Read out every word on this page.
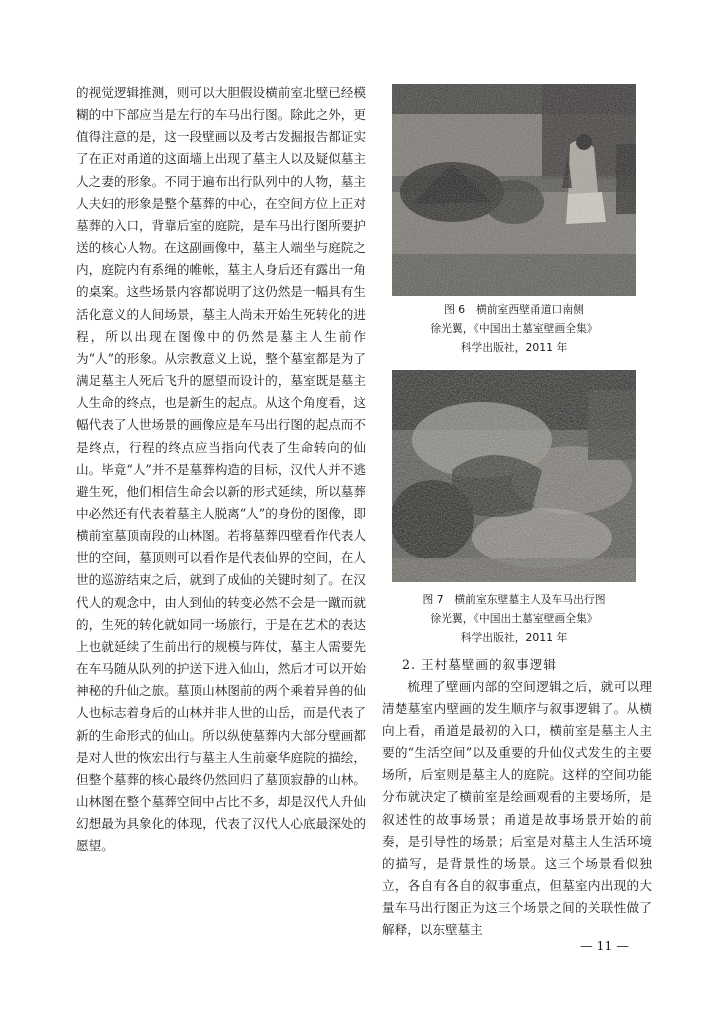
的视觉逻辑推测，则可以大胆假设横前室北壁已经模糊的中下部应当是左行的车马出行图。除此之外，更值得注意的是，这一段壁画以及考古发掘报告都证实了在正对甬道的这面墙上出现了墓主人以及疑似墓主人之妻的形象。不同于遍布出行队列中的人物，墓主人夫妇的形象是整个墓葬的中心，在空间方位上正对墓葬的入口，背靠后室的庭院，是车马出行图所要护送的核心人物。在这副画像中，墓主人端坐与庭院之内，庭院内有系绳的帷帐，墓主人身后还有露出一角的桌案。这些场景内容都说明了这仍然是一幅具有生活化意义的人间场景，墓主人尚未开始生死转化的进程，所以出现在图像中的仍然是墓主人生前作为“人”的形象。从宗教意义上说，整个墓室都是为了满足墓主人死后飞升的愿望而设计的，墓室既是墓主人生命的终点，也是新生的起点。从这个角度看，这幅代表了人世场景的画像应是车马出行图的起点而不是终点，行程的终点应当指向代表了生命转向的仙山。毕竟“人”并不是墓葬构造的目标，汉代人并不逃避生死，他们相信生命会以新的形式延续，所以墓葬中必然还有代表着墓主人脱离“人”的身份的图像，即横前室墓顶南段的山林图。若将墓葬四壁看作代表人世的空间，墓顶则可以看作是代表仙界的空间，在人世的巡游结束之后，就到了成仙的关键时刻了。在汉代人的观念中，由人到仙的转变必然不会是一蹴而就的，生死的转化就如同一场旅行，于是在艺术的表达上也就延续了生前出行的规模与阵仗，墓主人需要先在车马随从队列的护送下进入仙山，然后才可以开始神秘的升仙之旅。墓顶山林图前的两个乘着异兽的仙人也标志着身后的山林并非人世的山岳，而是代表了新的生命形式的仙山。所以纵使墓葬内大部分壁画都是对人世的恢宏出行与墓主人生前豪华庭院的描绘，但整个墓葬的核心最终仍然回归了墓顶寂静的山林。山林图在整个墓葬空间中占比不多，却是汉代人升仙幻想最为具象化的体现，代表了汉代人心底最深处的愿望。

图 6　横前室西壁甬道口南侧
徐光翼，《中国出土墓室壁画全集》
科学出版社，2011 年
图 7　横前室东壁墓主人及车马出行图
徐光翼，《中国出土墓室壁画全集》
科学出版社，2011 年
2. 王村墓壁画的叙事逻辑

梳理了壁画内部的空间逻辑之后，就可以理清楚墓室内壁画的发生顺序与叙事逻辑了。从横向上看，甬道是最初的入口，横前室是墓主人主要的“生活空间”以及重要的升仙仪式发生的主要场所，后室则是墓主人的庭院。这样的空间功能分布就决定了横前室是绘画观看的主要场所，是叙述性的故事场景；甬道是故事场景开始的前奏，是引导性的场景；后室是对墓主人生活环境的描写，是背景性的场景。这三个场景看似独立，各自有各自的叙事重点，但墓室内出现的大量车马出行图正为这三个场景之间的关联性做了解释，以东壁墓主

— 11 —
